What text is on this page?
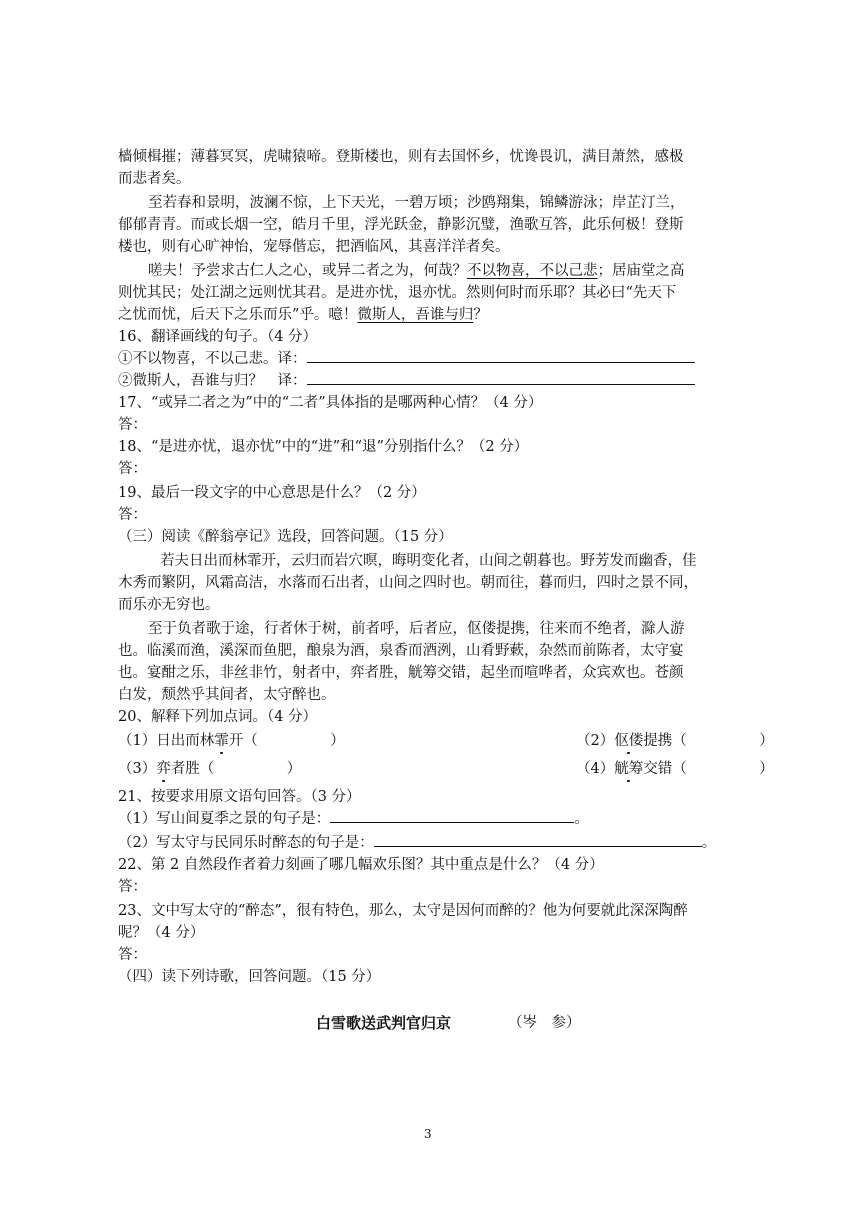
樯倾楫摧；薄暮冥冥，虎啸猿啼。登斯楼也，则有去国怀乡，忧谗畏讥，满目萧然，感极
而悲者矣。
至若春和景明，波澜不惊，上下天光，一碧万顷；沙鸥翔集，锦鳞游泳；岸芷汀兰，
郁郁青青。而或长烟一空，皓月千里，浮光跃金，静影沉璧，渔歌互答，此乐何极！登斯
楼也，则有心旷神怡，宠辱偕忘，把酒临风，其喜洋洋者矣。
嗟夫！予尝求古仁人之心，或异二者之为，何哉？不以物喜，不以己悲；居庙堂之高
则忧其民；处江湖之远则忧其君。是进亦忧，退亦忧。然则何时而乐耶？其必曰“先天下
之忧而忧，后天下之乐而乐”乎。噫！微斯人，吾谁与归？
16、翻译画线的句子。（4 分）
①不以物喜，不以己悲。译：
②微斯人，吾谁与归？　译：
17、“或异二者之为”中的“二者”具体指的是哪两种心情？（4 分）
答：
18、“是进亦忧，退亦忧”中的“进”和“退”分别指什么？（2 分）
答：
19、最后一段文字的中心意思是什么？（2 分）
答：
（三）阅读《醉翁亭记》选段，回答问题。（15 分）
若夫日出而林霏开，云归而岩穴暝，晦明变化者，山间之朝暮也。野芳发而幽香，佳
木秀而繁阴，风霜高洁，水落而石出者，山间之四时也。朝而往，暮而归，四时之景不同，
而乐亦无穷也。
至于负者歌于途，行者休于树，前者呼，后者应，伛偻提携，往来而不绝者，滁人游
也。临溪而渔，溪深而鱼肥，酿泉为酒，泉香而酒洌，山肴野蔌，杂然而前陈者，太守宴
也。宴酣之乐，非丝非竹，射者中，弈者胜，觥筹交错，起坐而喧哗者，众宾欢也。苍颜
白发，颓然乎其间者，太守醉也。
20、解释下列加点词。（4 分）
（1）日出而林霏开（　　　　　）	（2）伛偻提携（　　　　　）
（3）弈者胜（　　　　　）	（4）觥筹交错（　　　　　）
21、按要求用原文语句回答。（3 分）
（1）写山间夏季之景的句子是：	。
（2）写太守与民同乐时醉态的句子是：	。
22、第 2 自然段作者着力刻画了哪几幅欢乐图？其中重点是什么？（4 分）
答：
23、文中写太守的“醉态”，很有特色，那么，太守是因何而醉的？他为何要就此深深陶醉
呢？（4 分）
答：
（四）读下列诗歌，回答问题。（15 分）
白雪歌送武判官归京	（岑　参）
3
